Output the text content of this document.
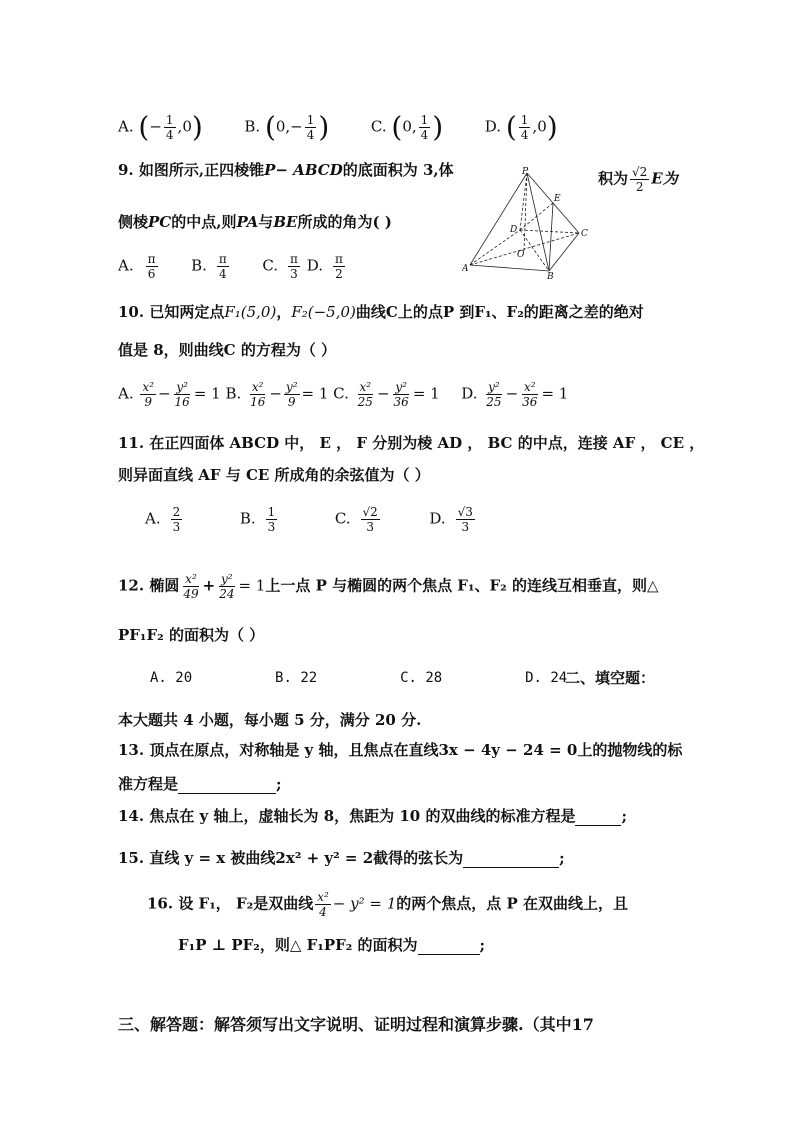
A. (− $\frac{1}{4} ,0$)	B. ($0,- \frac{1}{4}$ )	C. (0, $\frac{1}{4}$ )	D. ( $\frac{1}{4} ,0$)
9. 如图所示,正四棱锥P− ABCD的底面积为 3,体	积为 $\frac{√2}{2}$ E为
侧棱PC的中点,则PA与BE所成的角为( )
A. $\frac{\pi}{6} B$. $\frac{\pi}{4} C$. $\frac{\pi}{3} D$. $\frac{\pi}{2}$
P
E
D	C
O
A
B
10. 已知两定点F₁(5,0)，F₂(−5,0)曲线C上的点P 到F₁、F₂的距离之差的绝对
值是 8，则曲线C 的方程为（ ）
A. $\frac{\text{x²}}{9} - \frac{\text{y²}}{16} = 1$ B. $\frac{\text{x²}}{16} - \frac{\text{y²}}{9} = 1$ C. $\frac{\text{x²}}{25} - \frac{\text{y²}}{36} = 1$  D. $\frac{\text{y²}}{25} - \frac{\text{x²}}{36} = 1$
11. 在正四面体 ABCD 中， E ， F 分别为棱 AD ， BC 的中点，连接 AF ， CE ，
则异面直线 AF 与 CE 所成角的余弦值为（ ）
A. $\frac{2}{3}$	B. $\frac{1}{3}$	C. $\frac{√2}{3}$	D. $\frac{√3}{3}$
12. 椭圆 $\frac{\text{x²}}{49} + \frac{\text{y²}}{24} = 1$上一点 P 与椭圆的两个焦点 F₁、F₂ 的连线互相垂直，则△
PF₁F₂ 的面积为（ ）
A. 20	B. 22	C. 28	D. 24
二、填空题：
本大题共 4 小题，每小题 5 分，满分 20 分.
13. 顶点在原点，对称轴是 y 轴，且焦点在直线3x − 4y − 24 = 0上的抛物线的标
准方程是	;
14. 焦点在 y 轴上，虚轴长为 8，焦距为 10 的双曲线的标准方程是	;
15. 直线 y = x 被曲线2x² + y² = 2截得的弦长为	;
16. 设 F₁， F₂是双曲线 $\frac{\text{x²}}{4} - y^2 = 1$的两个焦点，点 P 在双曲线上，且
F₁P ⊥ PF₂，则△ F₁PF₂ 的面积为	;
三、解答题：解答须写出文字说明、证明过程和演算步骤.（其中17
